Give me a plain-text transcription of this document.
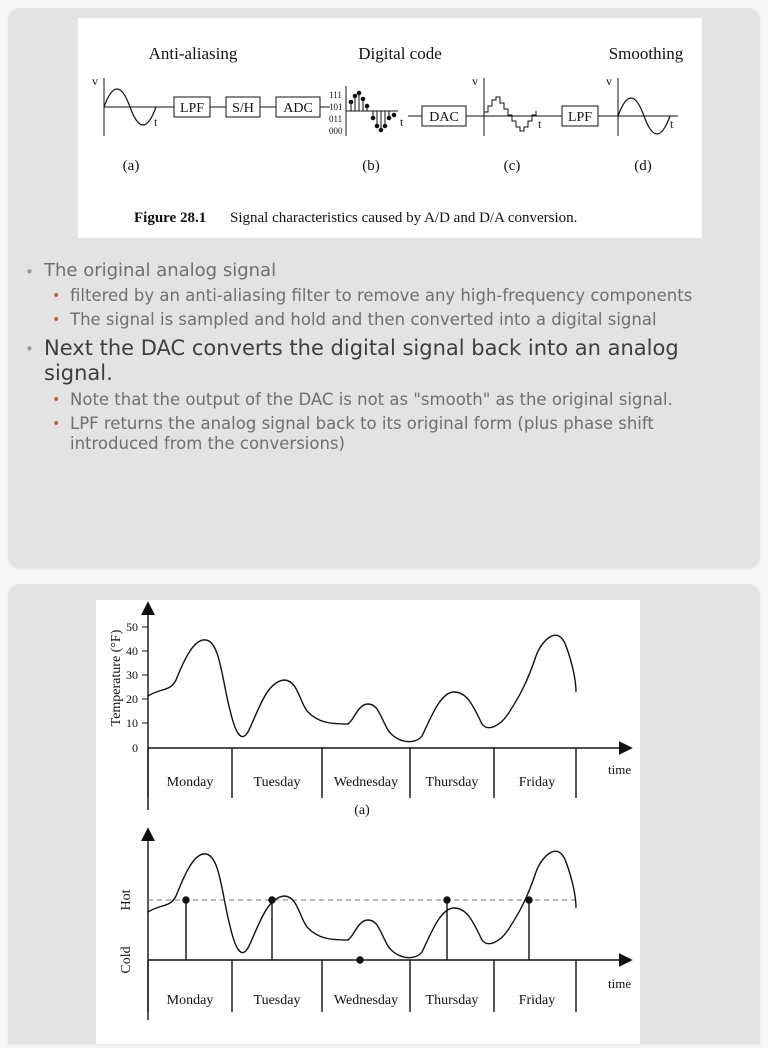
Anti-aliasing	Digital code	Smoothing
v
t
LPF S/H ADC
111
101
011
000
t DAC
v
t LPF
v
t
(a)	(b)	(c)	(d)
Figure 28.1 Signal characteristics caused by A/D and D/A conversion.
• The original analog signal
• filtered by an anti-aliasing filter to remove any high-frequency components
• The signal is sampled and hold and then converted into a digital signal
• Next the DAC converts the digital signal back into an analog signal.
• Note that the output of the DAC is not as "smooth" as the original signal.
• LPF returns the analog signal back to its original form (plus phase shift introduced from the conversions)
Temperature (°F)
50
40
30
20
10
0
Monday	Tuesday Wednesday Thursday	Friday
time
(a)
Hot
Cold
Monday	Tuesday Wednesday Thursday	Friday
time
